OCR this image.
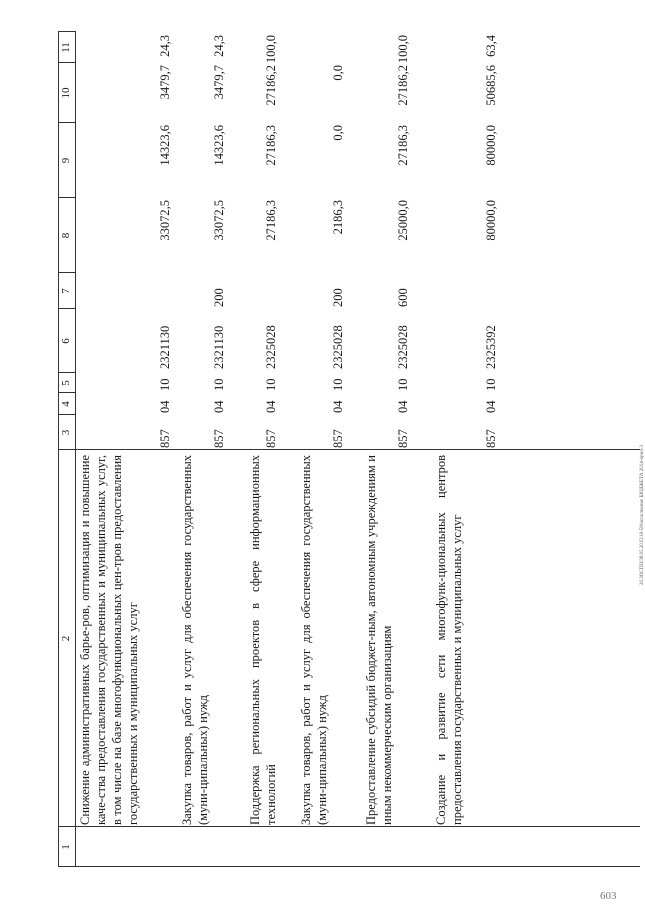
1
2
3
4
5
6
7
8
9
10
11
Снижение административных барье-ров, оптимизация и повышение каче-ства предоставления государственных и муниципальных услуг, в том числе на базе многофункциональных цен-тров предоставления государственных и муниципальных услуг
857
04
10
2321130
33072,5
14323,6
3479,7
24,3
Закупка товаров, работ и услуг для обеспечения государственных (муни-ципальных) нужд
857
04
10
2321130
200
33072,5
14323,6
3479,7
24,3
Поддержка региональных проектов в сфере информационных технологий
857
04
10
2325028
27186,3
27186,3
27186,2
100,0
Закупка товаров, работ и услуг для обеспечения государственных (муни-ципальных) нужд
857
04
10
2325028
200
2186,3
0,0
0,0
Предоставление субсидий бюджет-ным, автономным учреждениям и иным некоммерческим организациям
857
04
10
2325028
600
25000,0
27186,3
27186,2
100,0
Создание и развитие сети многофунк-циональных центров предоставления государственных и муниципальных услуг
857
04
10
2325392
80000,0
80000,0
50685,6
63,4
603
20.ЗОСПН/38.05.2015/10-58/исполнение БЮДЖЕТА 2014-прил-3
